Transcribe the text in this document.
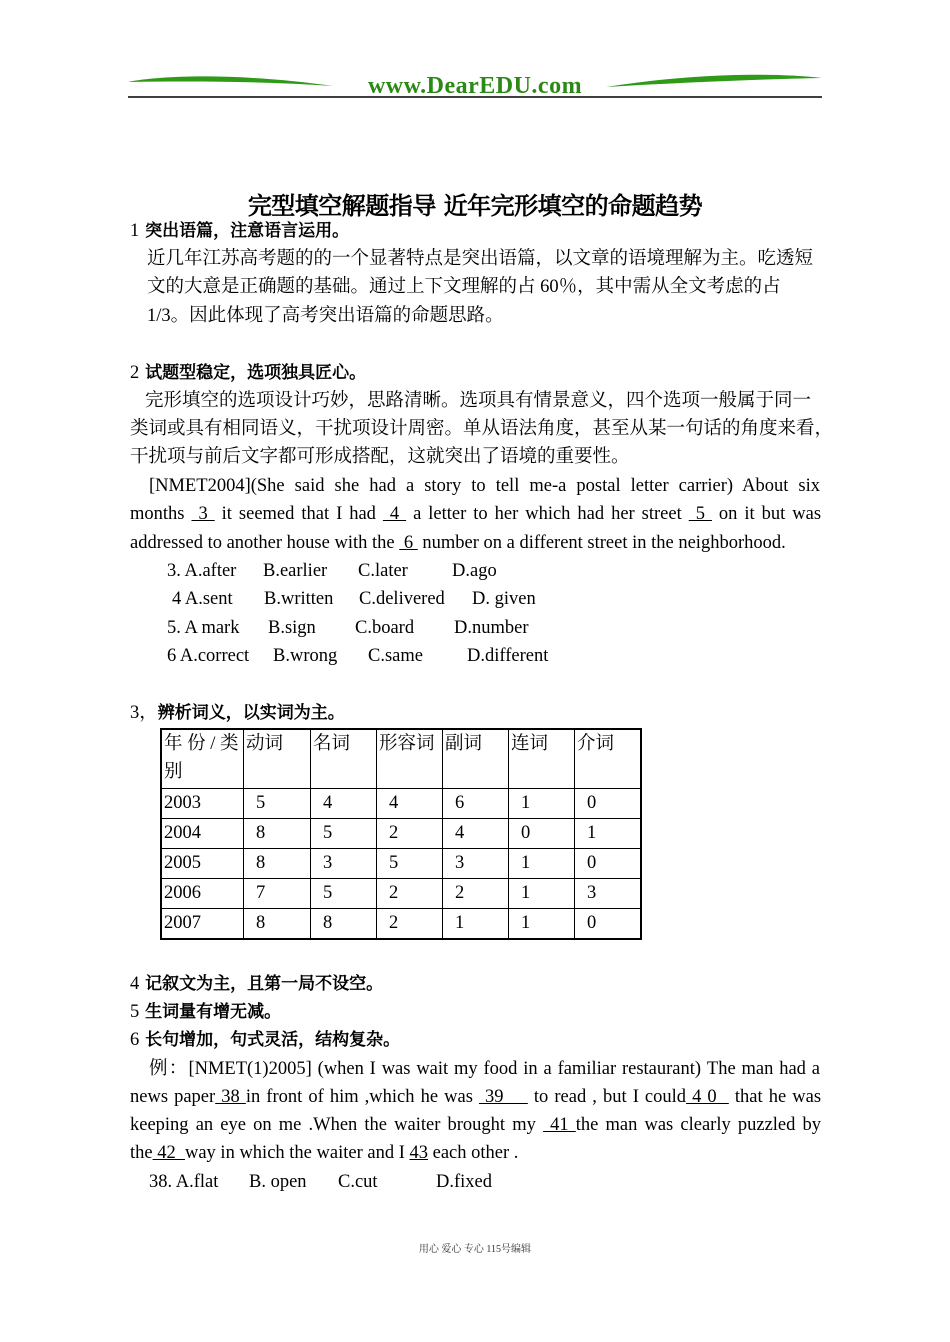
www.DearEDU.com
完型填空解题指导 近年完形填空的命题趋势
1 突出语篇，注意语言运用。
近几年江苏高考题的的一个显著特点是突出语篇，以文章的语境理解为主。吃透短
文的大意是正确题的基础。通过上下文理解的占 60％，其中需从全文考虑的占
1/3。因此体现了高考突出语篇的命题思路。
2 试题型稳定，选项独具匠心。
完形填空的选项设计巧妙，思路清晰。选项具有情景意义，四个选项一般属于同一
类词或具有相同语义，干扰项设计周密。单从语法角度，甚至从某一句话的角度来看，
干扰项与前后文字都可形成搭配，这就突出了语境的重要性。
[NMET2004](She said she had a story to tell me-a postal letter carrier) About six
months  3  it seemed that I had  4  a letter to her which had her street  5  on it but was
addressed to another house with the  6  number on a different street in the neighborhood.
3. A.after B.earlier C.later D.ago
4 A.sent B.written C.delivered D. given
5. A mark B.sign C.board D.number
6 A.correct B.wrong C.same D.different
3，辨析词义，以实词为主。
年 份 / 类别	动词	名词	形容词	副词	连词	介词
2003	5	4	4	6	1	0
2004	8	5	2	4	0	1
2005	8	3	5	3	1	0
2006	7	5	2	2	1	3
2007	8	8	2	1	1	0
4 记叙文为主，且第一局不设空。
5 生词量有增无减。
6 长句增加，句式灵活，结构复杂。
例：[NMET(1)2005] (when I was wait my food in a familiar restaurant) The man had a
news paper 38 in front of him ,which he was  39     to read , but I could 4 0   that he was
keeping an eye on me .When the waiter brought my  41 the man was clearly puzzled by
the 42  way in which the waiter and I 43 each other .
38. A.flat B. open C.cut	D.fixed
用心 爱心 专心 115号编辑
